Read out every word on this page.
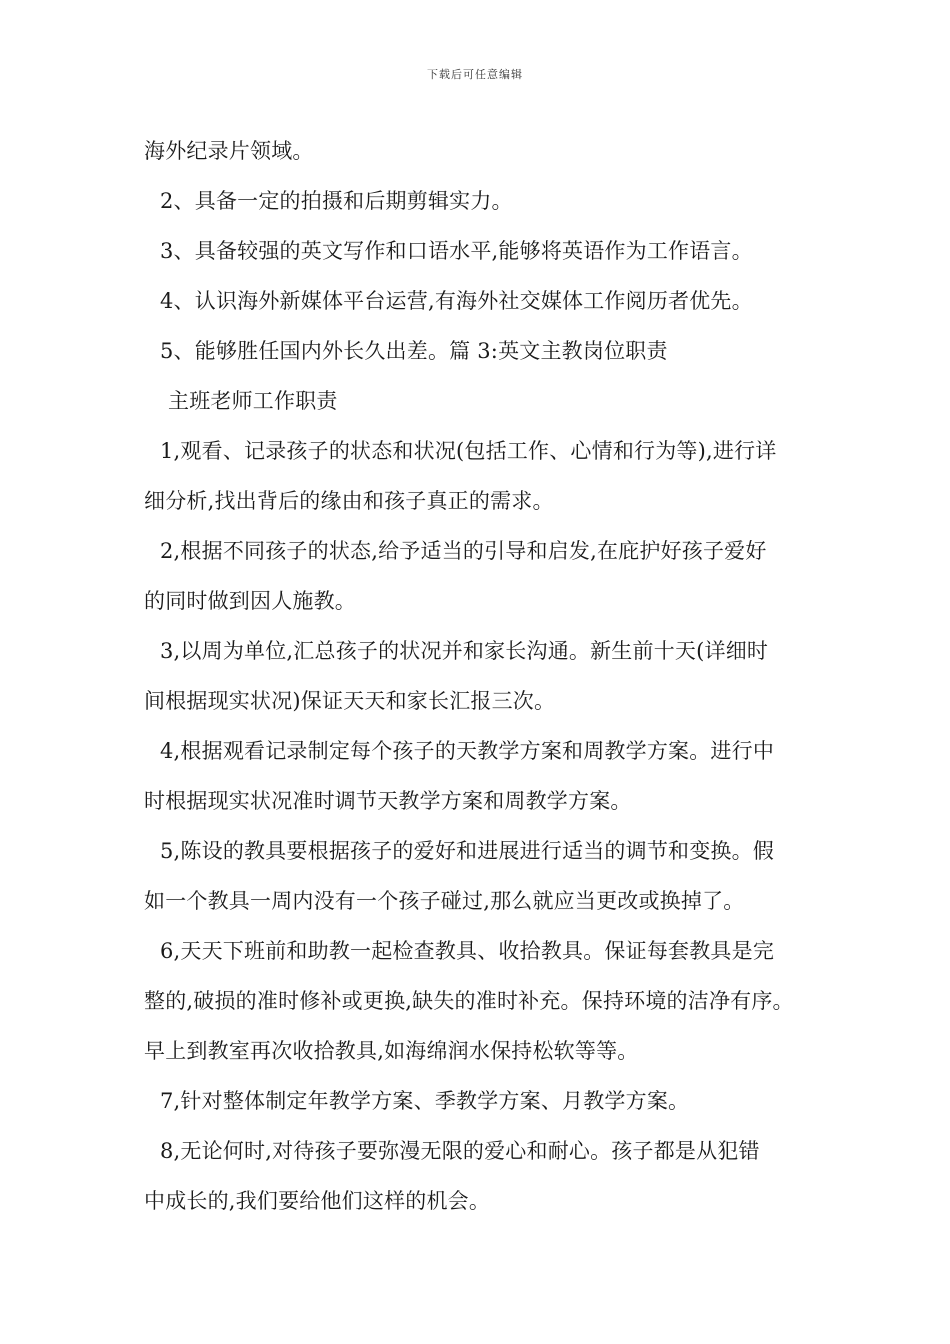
下载后可任意编辑
海外纪录片领域。
2、具备一定的拍摄和后期剪辑实力。
3、具备较强的英文写作和口语水平,能够将英语作为工作语言。
4、认识海外新媒体平台运营,有海外社交媒体工作阅历者优先。
5、能够胜任国内外长久出差。篇 3:英文主教岗位职责
主班老师工作职责
1,观看、记录孩子的状态和状况(包括工作、心情和行为等),进行详
细分析,找出背后的缘由和孩子真正的需求。
2,根据不同孩子的状态,给予适当的引导和启发,在庇护好孩子爱好
的同时做到因人施教。
3,以周为单位,汇总孩子的状况并和家长沟通。新生前十天(详细时
间根据现实状况)保证天天和家长汇报三次。
4,根据观看记录制定每个孩子的天教学方案和周教学方案。进行中
时根据现实状况准时调节天教学方案和周教学方案。
5,陈设的教具要根据孩子的爱好和进展进行适当的调节和变换。假
如一个教具一周内没有一个孩子碰过,那么就应当更改或换掉了。
6,天天下班前和助教一起检查教具、收拾教具。保证每套教具是完
整的,破损的准时修补或更换,缺失的准时补充。保持环境的洁净有序。
早上到教室再次收拾教具,如海绵润水保持松软等等。
7,针对整体制定年教学方案、季教学方案、月教学方案。
8,无论何时,对待孩子要弥漫无限的爱心和耐心。孩子都是从犯错
中成长的,我们要给他们这样的机会。
